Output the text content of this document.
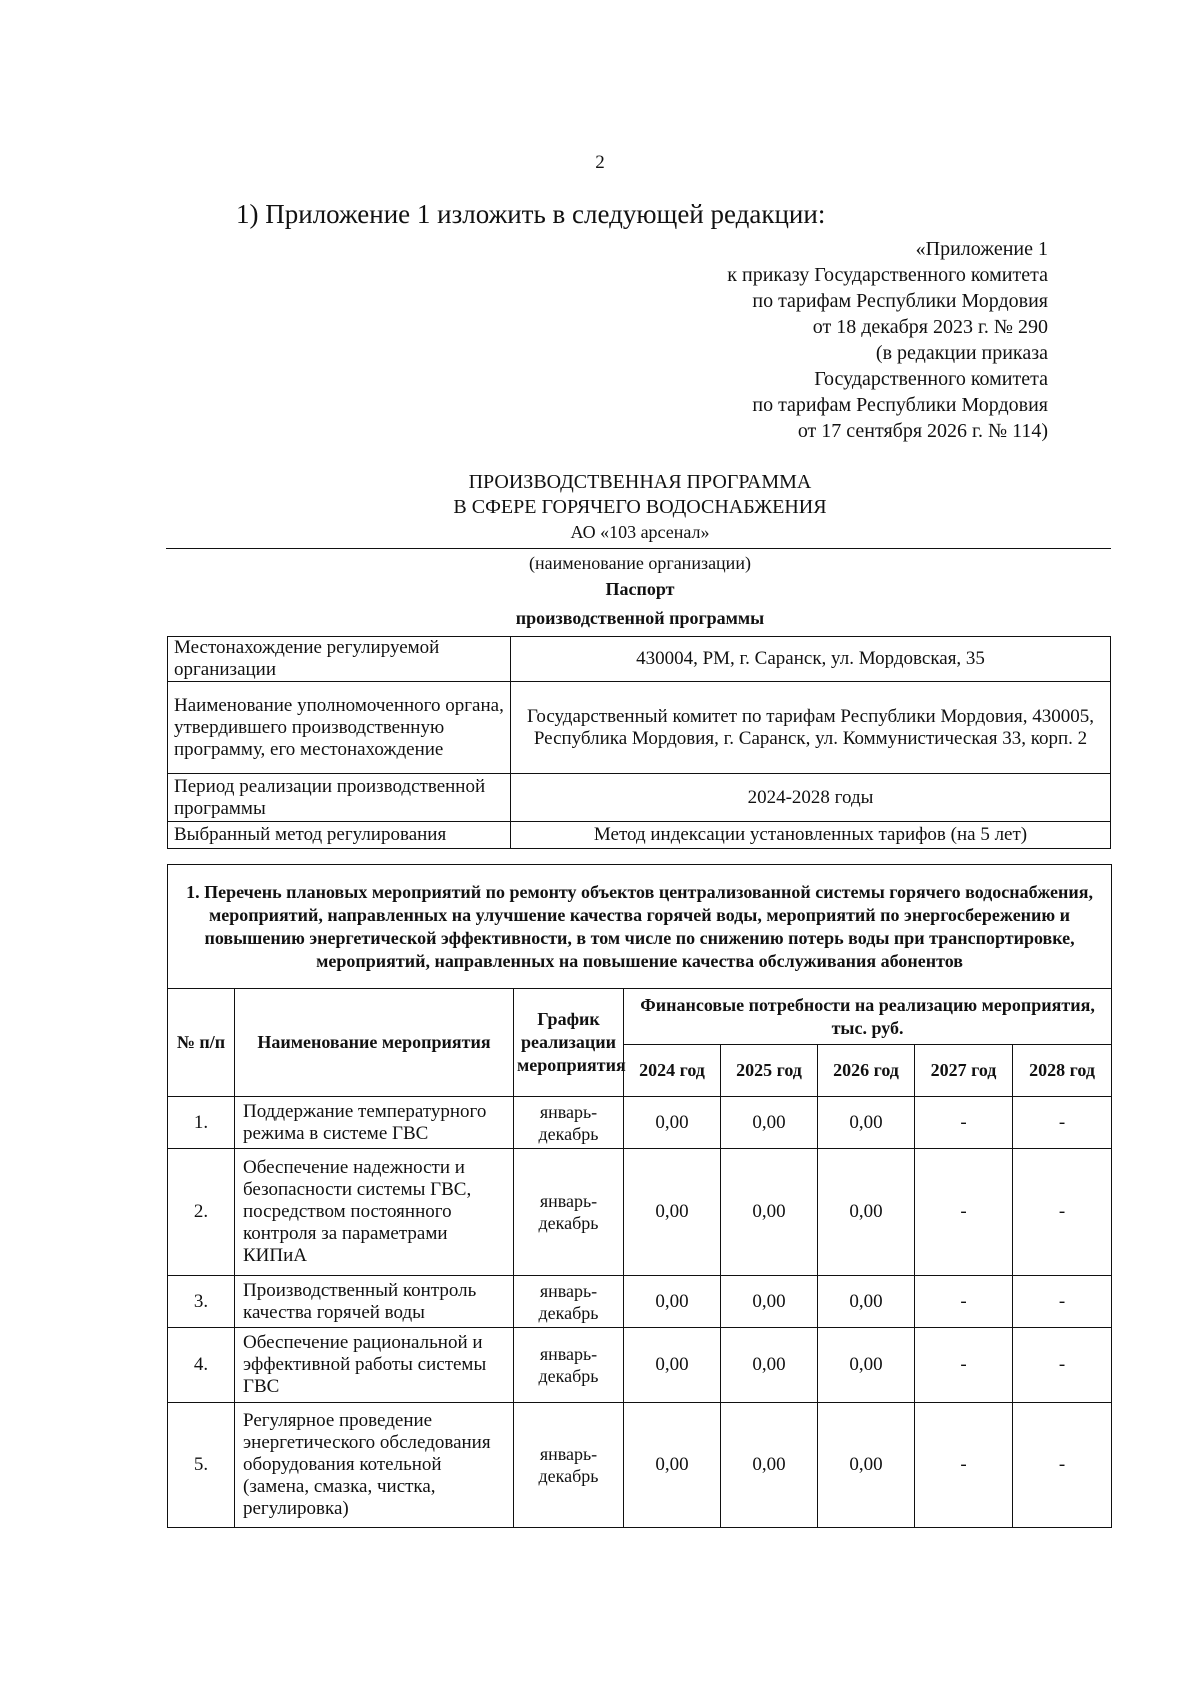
2
1) Приложение 1 изложить в следующей редакции:
«Приложение 1
к приказу Государственного комитета
по тарифам Республики Мордовия
от 18 декабря 2023 г. № 290
(в редакции приказа
Государственного комитета
по тарифам Республики Мордовия
от 17 сентября 2026 г. № 114)
ПРОИЗВОДСТВЕННАЯ ПРОГРАММА
В СФЕРЕ ГОРЯЧЕГО ВОДОСНАБЖЕНИЯ
АО «103 арсенал»
(наименование организации)
Паспорт
производственной программы
Местонахождение регулируемой организации	430004, РМ, г. Саранск, ул. Мордовская, 35
Наименование уполномоченного органа, утвердившего производственную программу, его местонахождение	Государственный комитет по тарифам Республики Мордовия, 430005, Республика Мордовия, г. Саранск, ул. Коммунистическая 33, корп. 2
Период реализации производственной программы	2024-2028 годы
Выбранный метод регулирования	Метод индексации установленных тарифов (на 5 лет)
1. Перечень плановых мероприятий по ремонту объектов централизованной системы горячего водоснабжения, мероприятий, направленных на улучшение качества горячей воды, мероприятий по энергосбережению и повышению энергетической эффективности, в том числе по снижению потерь воды при транспортировке, мероприятий, направленных на повышение качества обслуживания абонентов							
№ п/п	Наименование мероприятия	График реализации мероприятия	Финансовые потребности на реализацию мероприятия, тыс. руб.				
			2024 год	2025 год	2026 год	2027 год	2028 год
1.	Поддержание температурного режима в системе ГВС	январь-декабрь	0,00	0,00	0,00	-	-
2.	Обеспечение надежности и безопасности системы ГВС, посредством постоянного контроля за параметрами КИПиА	январь-декабрь	0,00	0,00	0,00	-	-
3.	Производственный контроль качества горячей воды	январь-декабрь	0,00	0,00	0,00	-	-
4.	Обеспечение рациональной и эффективной работы системы ГВС	январь-декабрь	0,00	0,00	0,00	-	-
5.	Регулярное проведение энергетического обследования оборудования котельной (замена, смазка, чистка, регулировка)	январь-декабрь	0,00	0,00	0,00	-	-
